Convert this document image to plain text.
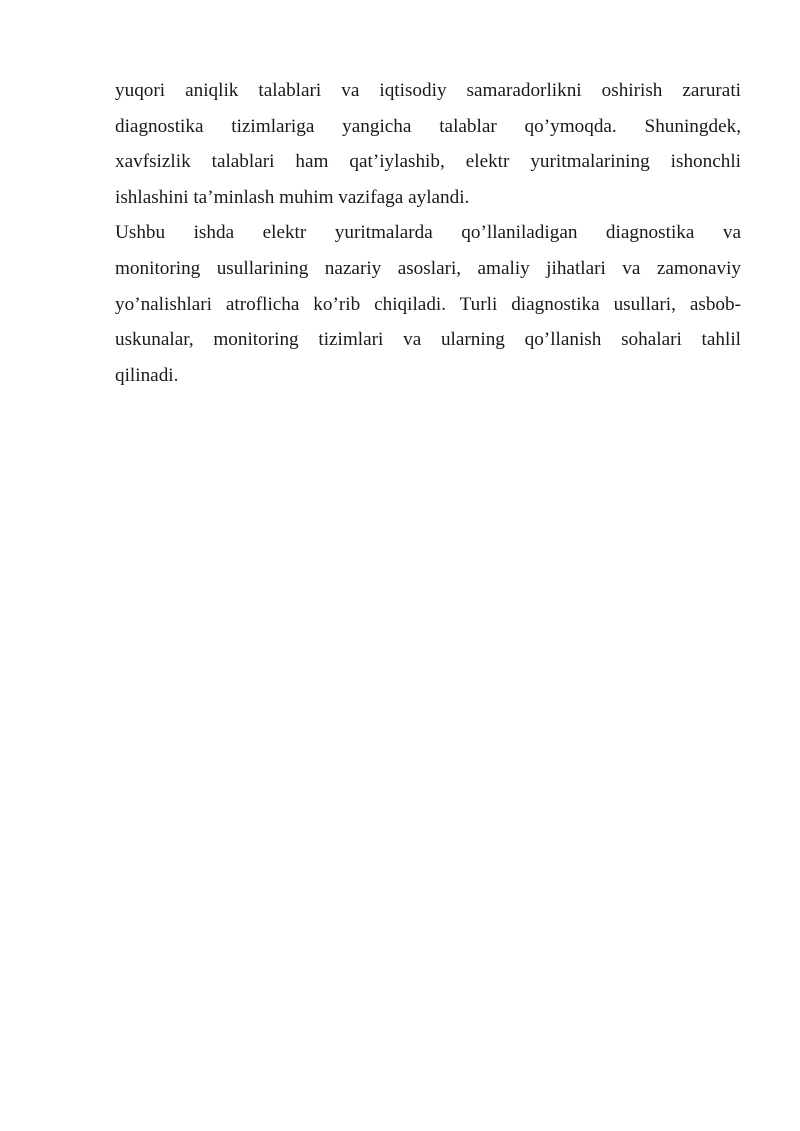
yuqori aniqlik talablari va iqtisodiy samaradorlikni oshirish zarurati
diagnostika tizimlariga yangicha talablar qo’ymoqda. Shuningdek,
xavfsizlik talablari ham qat’iylashib, elektr yuritmalarining ishonchli
ishlashini ta’minlash muhim vazifaga aylandi.
Ushbu ishda elektr yuritmalarda qo’llaniladigan diagnostika va
monitoring usullarining nazariy asoslari, amaliy jihatlari va zamonaviy
yo’nalishlari atroflicha ko’rib chiqiladi. Turli diagnostika usullari, asbob-
uskunalar, monitoring tizimlari va ularning qo’llanish sohalari tahlil
qilinadi.
